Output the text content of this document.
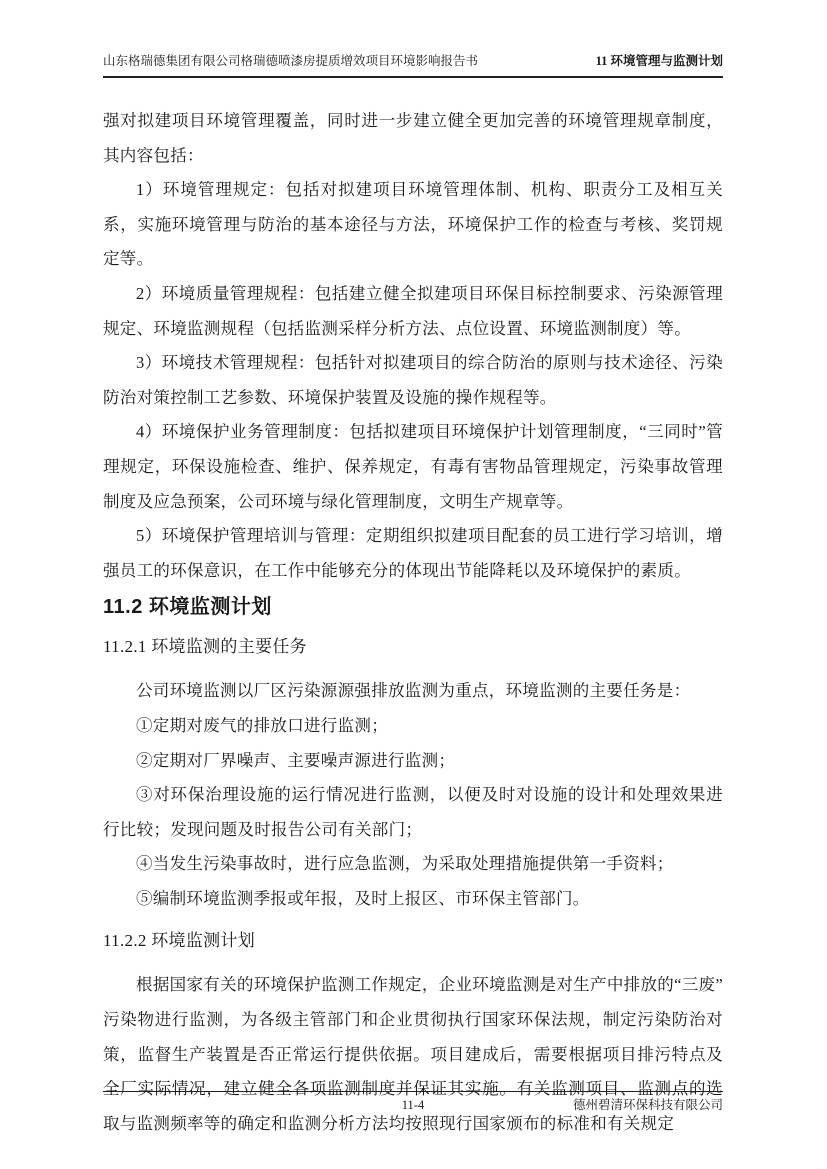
山东格瑞德集团有限公司格瑞德喷漆房提质增效项目环境影响报告书	11 环境管理与监测计划

强对拟建项目环境管理覆盖，同时进一步建立健全更加完善的环境管理规章制度，其内容包括：

1）环境管理规定：包括对拟建项目环境管理体制、机构、职责分工及相互关系，实施环境管理与防治的基本途径与方法，环境保护工作的检查与考核、奖罚规定等。

2）环境质量管理规程：包括建立健全拟建项目环保目标控制要求、污染源管理规定、环境监测规程（包括监测采样分析方法、点位设置、环境监测制度）等。

3）环境技术管理规程：包括针对拟建项目的综合防治的原则与技术途径、污染防治对策控制工艺参数、环境保护装置及设施的操作规程等。

4）环境保护业务管理制度：包括拟建项目环境保护计划管理制度，“三同时”管理规定，环保设施检查、维护、保养规定，有毒有害物品管理规定，污染事故管理制度及应急预案，公司环境与绿化管理制度，文明生产规章等。

5）环境保护管理培训与管理：定期组织拟建项目配套的员工进行学习培训，增强员工的环保意识，在工作中能够充分的体现出节能降耗以及环境保护的素质。

11.2 环境监测计划
11.2.1 环境监测的主要任务

公司环境监测以厂区污染源源强排放监测为重点，环境监测的主要任务是：

①定期对废气的排放口进行监测；

②定期对厂界噪声、主要噪声源进行监测；

③对环保治理设施的运行情况进行监测，以便及时对设施的设计和处理效果进行比较；发现问题及时报告公司有关部门；

④当发生污染事故时，进行应急监测，为采取处理措施提供第一手资料；

⑤编制环境监测季报或年报，及时上报区、市环保主管部门。

11.2.2 环境监测计划

根据国家有关的环境保护监测工作规定，企业环境监测是对生产中排放的“三废”污染物进行监测，为各级主管部门和企业贯彻执行国家环保法规，制定污染防治对策，监督生产装置是否正常运行提供依据。项目建成后，需要根据项目排污特点及全厂实际情况，建立健全各项监测制度并保证其实施。有关监测项目、监测点的选取与监测频率等的确定和监测分析方法均按照现行国家颁布的标准和有关规定

11-4	德州碧清环保科技有限公司
